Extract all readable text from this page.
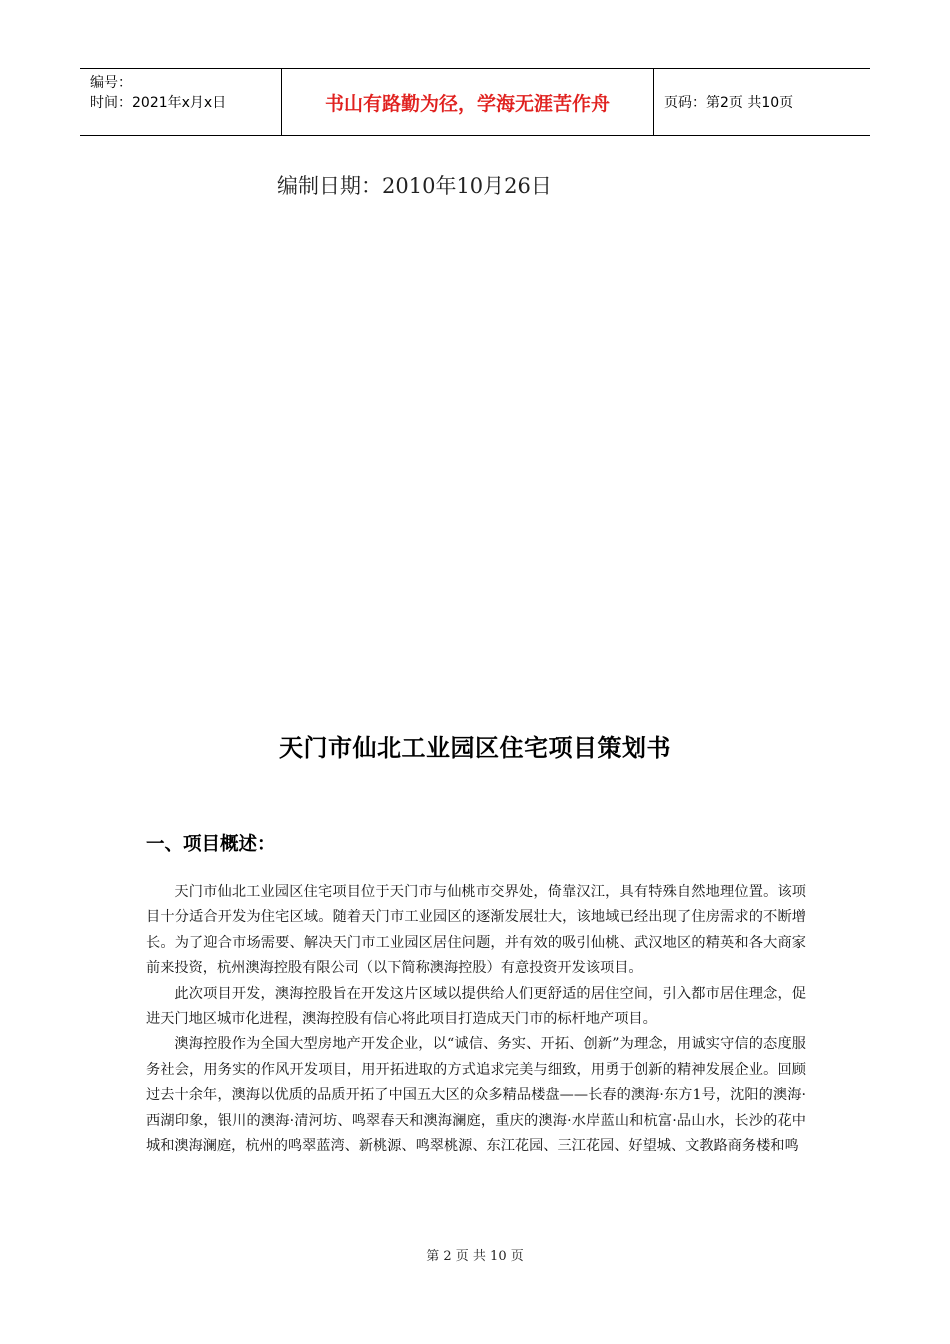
编号：
时间：2021年x月x日	书山有路勤为径，学海无涯苦作舟	页码：第2页 共10页
编制日期：2010年10月26日
天门市仙北工业园区住宅项目策划书
一、项目概述：

天门市仙北工业园区住宅项目位于天门市与仙桃市交界处，倚靠汉江，具有特殊自然地理位置。该项目十分适合开发为住宅区域。随着天门市工业园区的逐渐发展壮大，该地域已经出现了住房需求的不断增长。为了迎合市场需要、解决天门市工业园区居住问题，并有效的吸引仙桃、武汉地区的精英和各大商家前来投资，杭州澳海控股有限公司（以下简称澳海控股）有意投资开发该项目。

此次项目开发，澳海控股旨在开发这片区域以提供给人们更舒适的居住空间，引入都市居住理念，促进天门地区城市化进程，澳海控股有信心将此项目打造成天门市的标杆地产项目。

澳海控股作为全国大型房地产开发企业，以“诚信、务实、开拓、创新”为理念，用诚实守信的态度服务社会，用务实的作风开发项目，用开拓进取的方式追求完美与细致，用勇于创新的精神发展企业。回顾过去十余年，澳海以优质的品质开拓了中国五大区的众多精品楼盘——长春的澳海·东方1号，沈阳的澳海·西湖印象，银川的澳海·清河坊、鸣翠春天和澳海澜庭，重庆的澳海·水岸蓝山和杭富·品山水，长沙的花中城和澳海澜庭，杭州的鸣翠蓝湾、新桃源、鸣翠桃源、东江花园、三江花园、好望城、文教路商务楼和鸣

第 2 页 共 10 页
